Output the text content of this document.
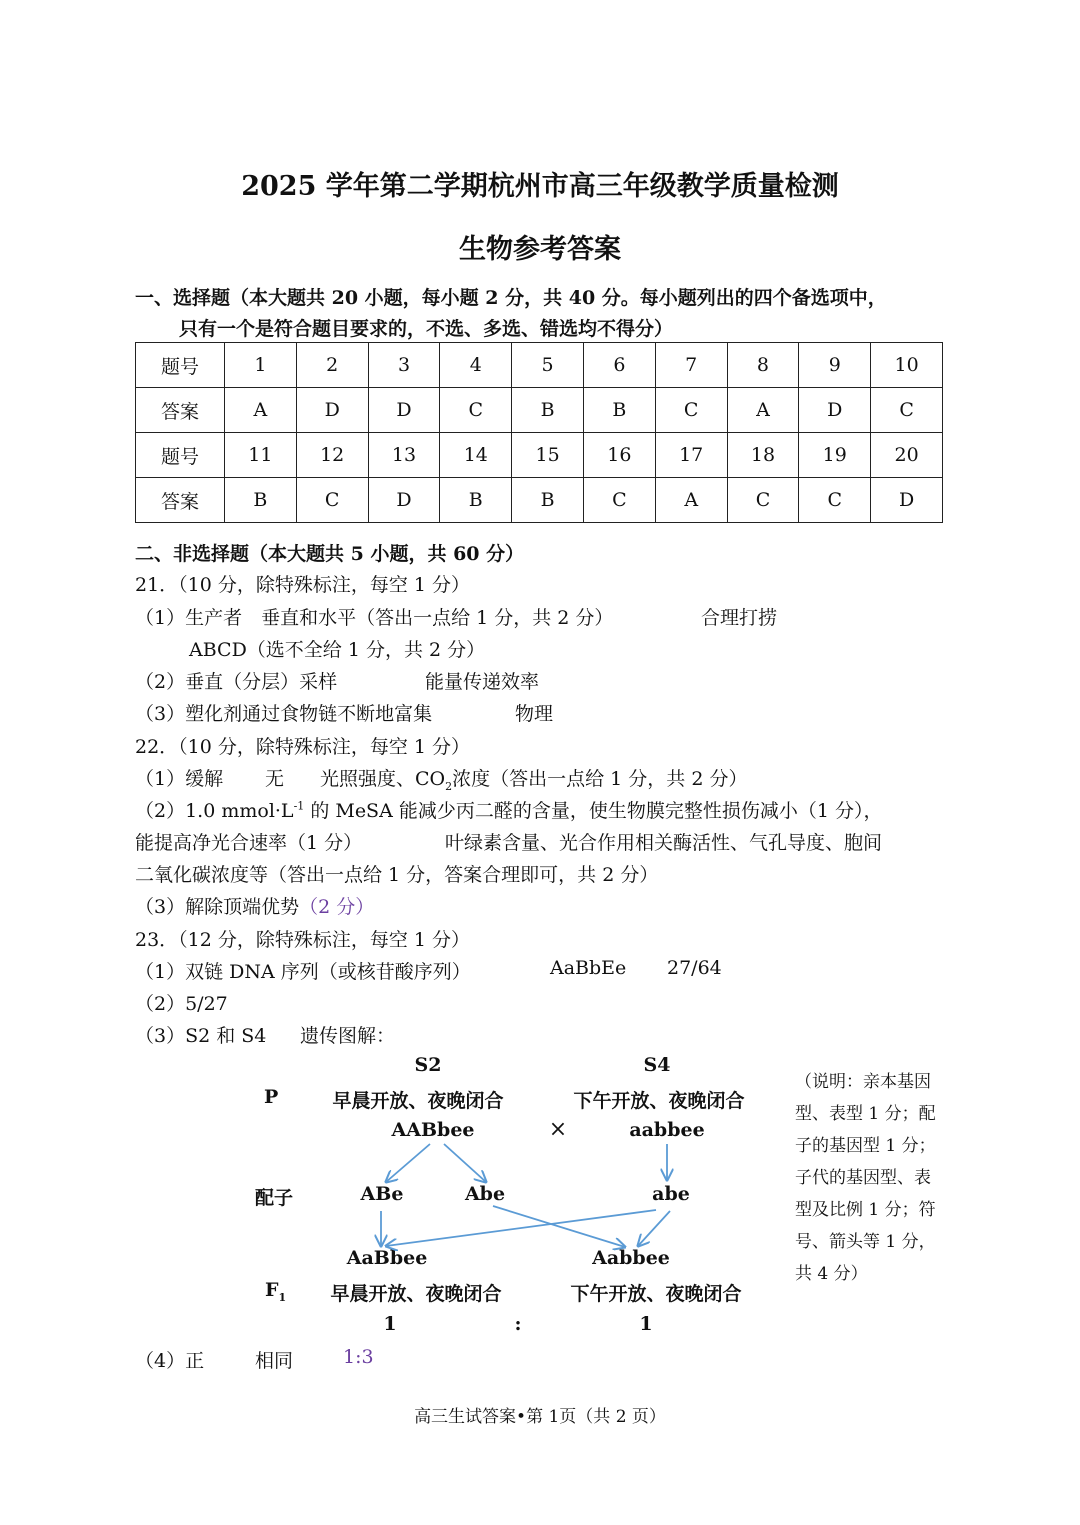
2025 学年第二学期杭州市高三年级教学质量检测
生物参考答案
一、选择题（本大题共 20 小题，每小题 2 分，共 40 分。每小题列出的四个备选项中，
只有一个是符合题目要求的，不选、多选、错选均不得分）
题号	1	2	3	4	5	6	7	8	9	10
答案	A	D	D	C	B	B	C	A	D	C
题号	11	12	13	14	15	16	17	18	19	20
答案	B	C	D	B	B	C	A	C	C	D
二、非选择题（本大题共 5 小题，共 60 分）
21．（10 分，除特殊标注，每空 1 分）
（1）生产者　垂直和水平（答出一点给 1 分，共 2 分）	合理打捞
ABCD（选不全给 1 分，共 2 分）
（2）垂直（分层）采样	能量传递效率
（3）塑化剂通过食物链不断地富集	物理
22．（10 分，除特殊标注，每空 1 分）
（1）缓解 无 光照强度、$CO_2$浓度（答出一点给 1 分，共 2 分）
（2）1.0 $mmol\cdot L^{-1}$ 的 MeSA 能减少丙二醛的含量，使生物膜完整性损伤减小（1 分），
能提高净光合速率（1 分）	叶绿素含量、光合作用相关酶活性、气孔导度、胞间
二氧化碳浓度等（答出一点给 1 分，答案合理即可，共 2 分）
（3）解除顶端优势（2 分）
23．（12 分，除特殊标注，每空 1 分）
（1）双链 DNA 序列（或核苷酸序列）	AaBbEe 27/64
（2）5/27
（3）S2 和 S4 遗传图解：
S2	S4
P	早晨开放、夜晚闭合	下午开放、夜晚闭合
AABbee	×	aabbee
配子	ABe	Abe	abe
AaBbee	Aabbee
$F_1$ 早晨开放、夜晚闭合	下午开放、夜晚闭合
1	:	1
（说明：亲本基因型、表型 1 分；配子的基因型 1 分；子代的基因型、表型及比例 1 分；符号、箭头等 1 分，共 4 分）
（4）正	相同	1:3
高三生试答案•第 1页（共 2 页）
